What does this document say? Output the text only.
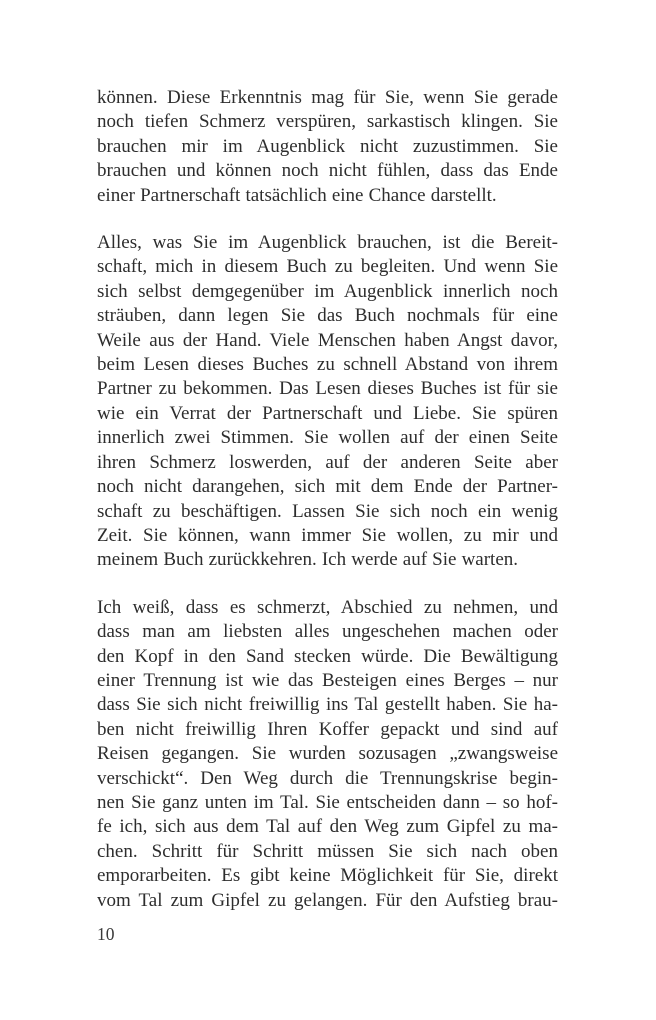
können. Diese Erkenntnis mag für Sie, wenn Sie gerade
noch tiefen Schmerz verspüren, sarkastisch klingen. Sie
brauchen mir im Augenblick nicht zuzustimmen. Sie
brauchen und können noch nicht fühlen, dass das Ende
einer Partnerschaft tatsächlich eine Chance darstellt.
Alles, was Sie im Augenblick brauchen, ist die Bereit-
schaft, mich in diesem Buch zu begleiten. Und wenn Sie
sich selbst demgegenüber im Augenblick innerlich noch
sträuben, dann legen Sie das Buch nochmals für eine
Weile aus der Hand. Viele Menschen haben Angst davor,
beim Lesen dieses Buches zu schnell Abstand von ihrem
Partner zu bekommen. Das Lesen dieses Buches ist für sie
wie ein Verrat der Partnerschaft und Liebe. Sie spüren
innerlich zwei Stimmen. Sie wollen auf der einen Seite
ihren Schmerz loswerden, auf der anderen Seite aber
noch nicht darangehen, sich mit dem Ende der Partner-
schaft zu beschäftigen. Lassen Sie sich noch ein wenig
Zeit. Sie können, wann immer Sie wollen, zu mir und
meinem Buch zurückkehren. Ich werde auf Sie warten.
Ich weiß, dass es schmerzt, Abschied zu nehmen, und
dass man am liebsten alles ungeschehen machen oder
den Kopf in den Sand stecken würde. Die Bewältigung
einer Trennung ist wie das Besteigen eines Berges – nur
dass Sie sich nicht freiwillig ins Tal gestellt haben. Sie ha-
ben nicht freiwillig Ihren Koffer gepackt und sind auf
Reisen gegangen. Sie wurden sozusagen „zwangsweise
verschickt“. Den Weg durch die Trennungskrise begin-
nen Sie ganz unten im Tal. Sie entscheiden dann – so hof-
fe ich, sich aus dem Tal auf den Weg zum Gipfel zu ma-
chen. Schritt für Schritt müssen Sie sich nach oben
emporarbeiten. Es gibt keine Möglichkeit für Sie, direkt
vom Tal zum Gipfel zu gelangen. Für den Aufstieg brau-
10
